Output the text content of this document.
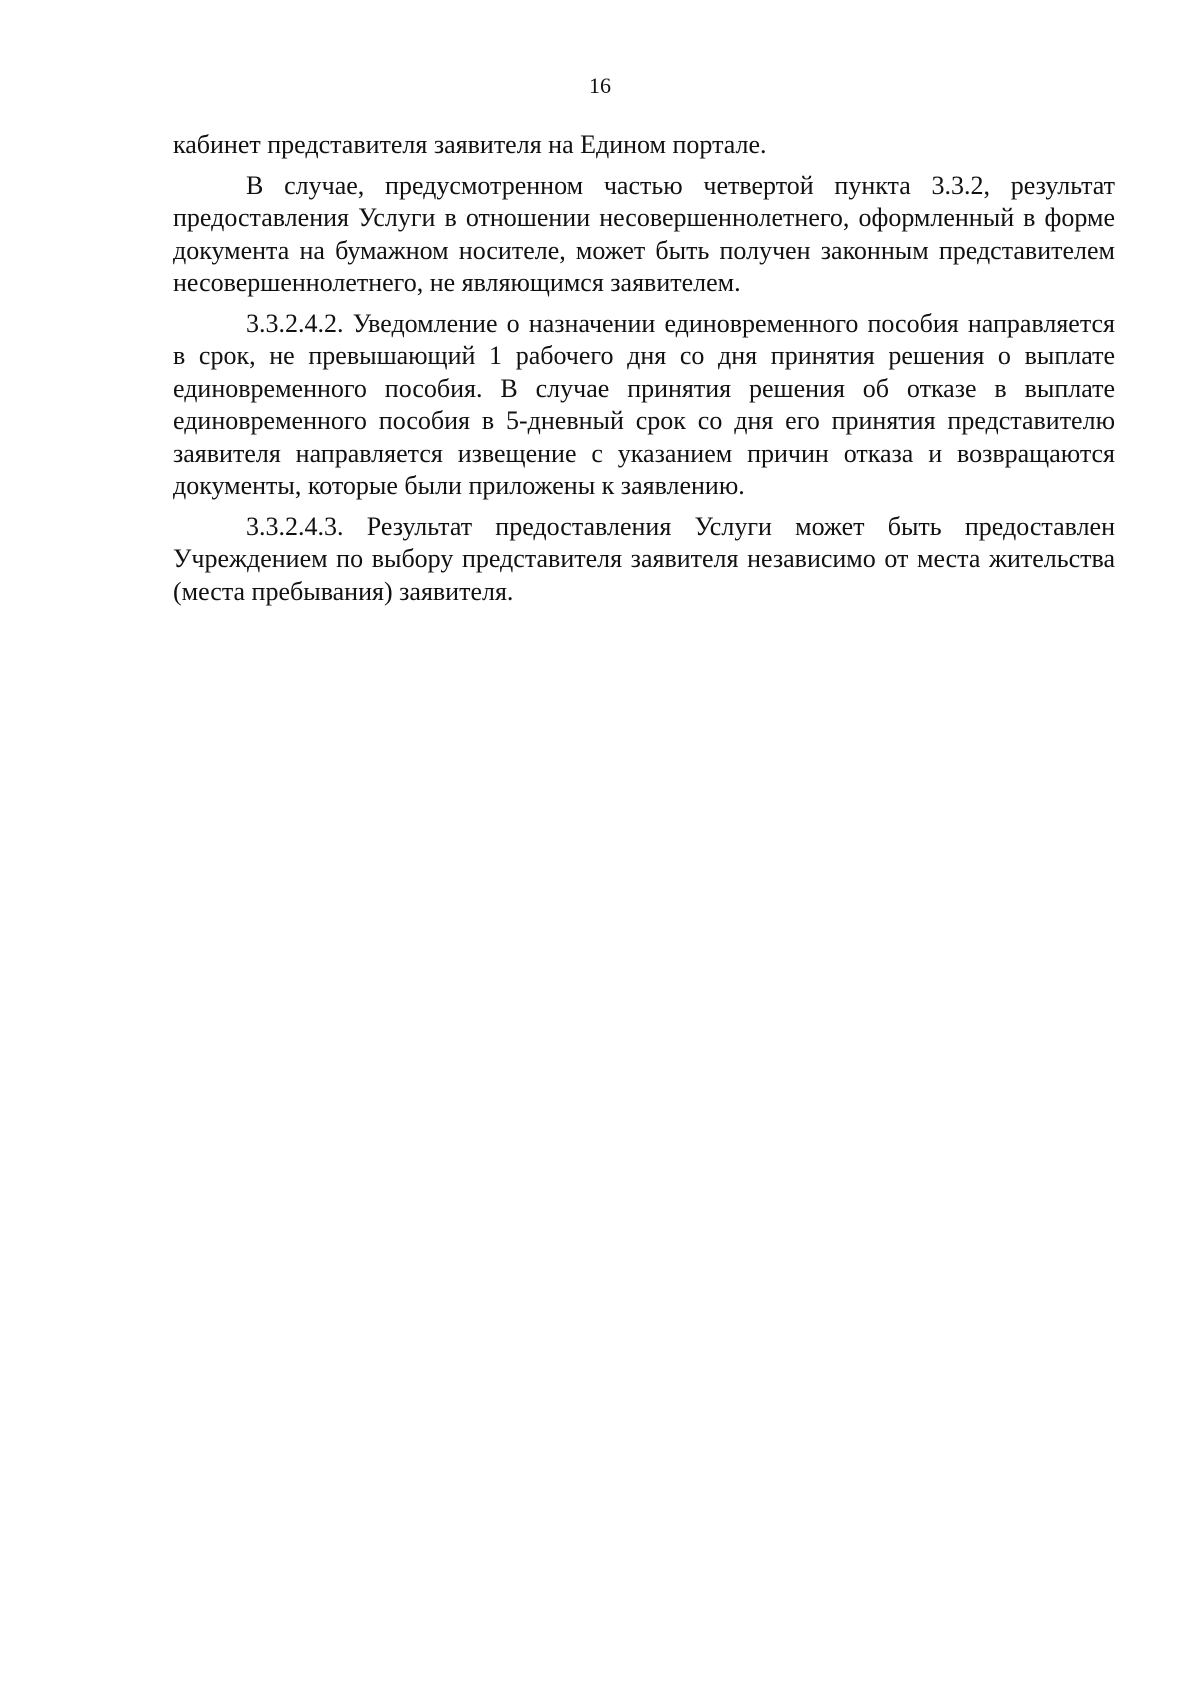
16

кабинет представителя заявителя на Едином портале.

В случае, предусмотренном частью четвертой пункта 3.3.2, результат предоставления Услуги в отношении несовершеннолетнего, оформленный в форме документа на бумажном носителе, может быть получен законным представителем несовершеннолетнего, не являющимся заявителем.

3.3.2.4.2. Уведомление о назначении единовременного пособия направляется в срок, не превышающий 1 рабочего дня со дня принятия решения о выплате единовременного пособия. В случае принятия решения об отказе в выплате единовременного пособия в 5-дневный срок со дня его принятия представителю заявителя направляется извещение с указанием причин отказа и возвращаются документы, которые были приложены к заявлению.

3.3.2.4.3. Результат предоставления Услуги может быть предоставлен Учреждением по выбору представителя заявителя независимо от места жительства (места пребывания) заявителя.
